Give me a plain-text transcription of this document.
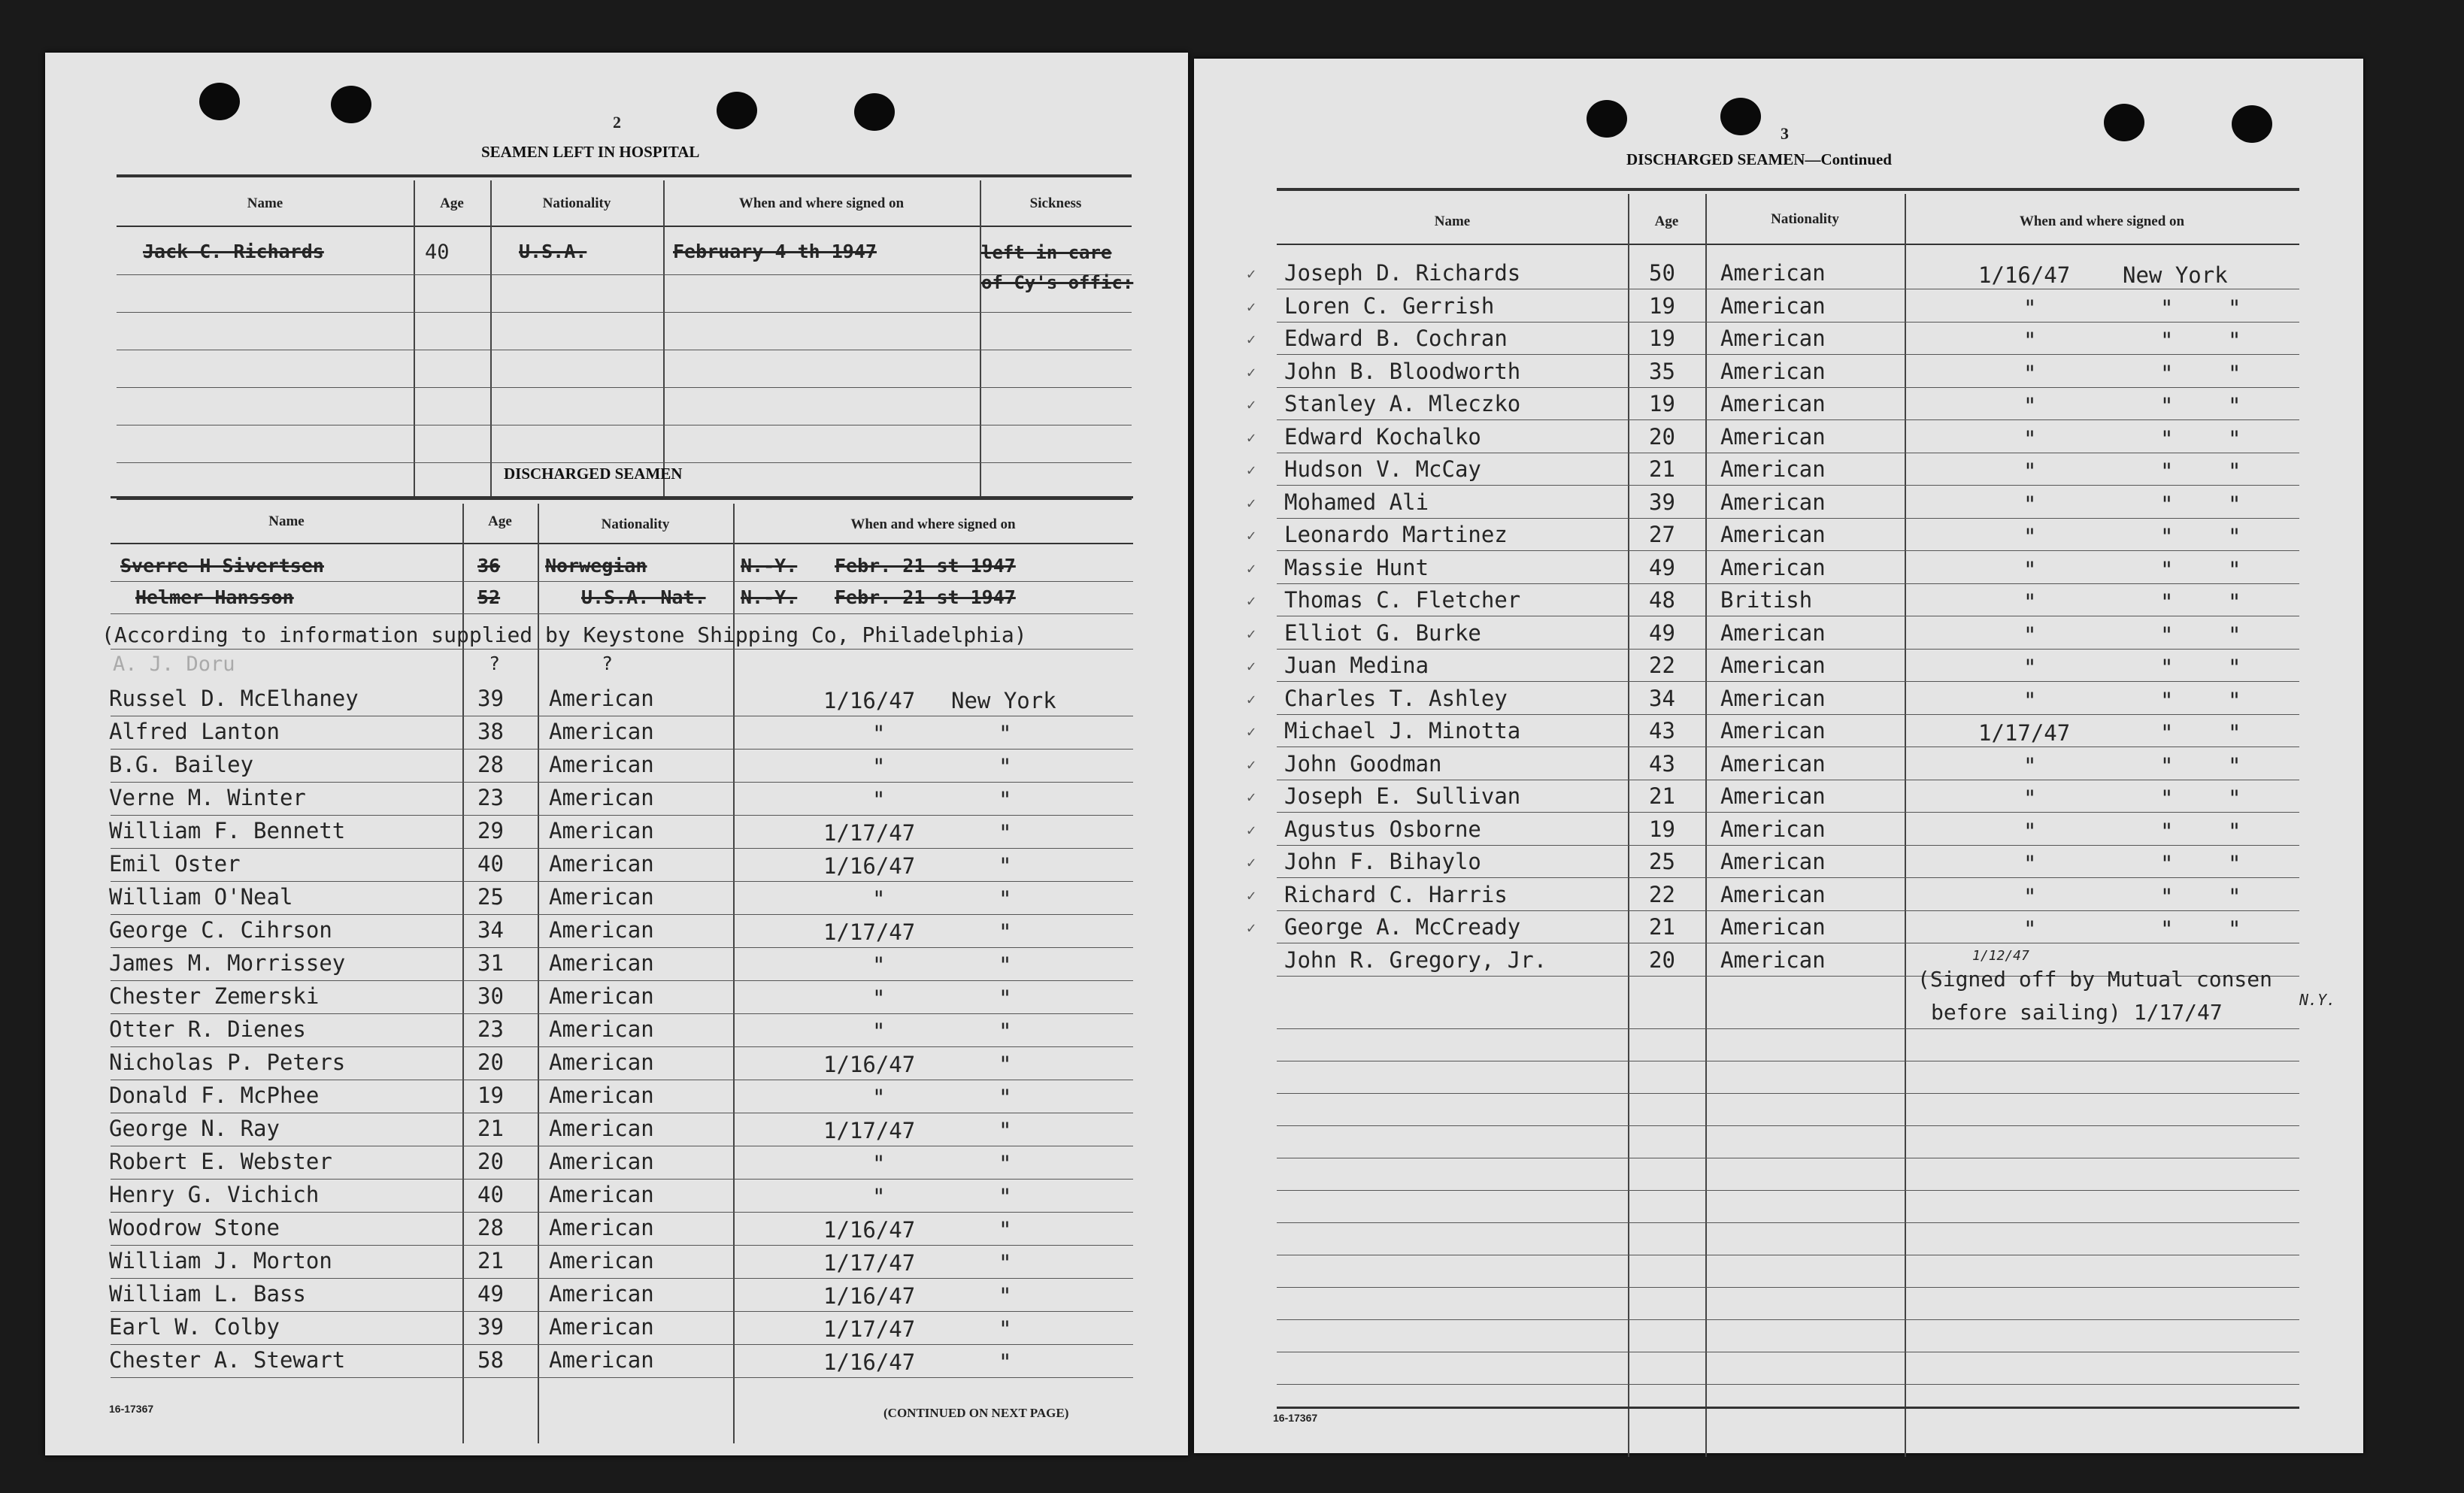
2
SEAMEN LEFT IN HOSPITAL
Name	Age	Nationality	When and where signed on	Sickness
Jack C. Richards	40	U.S.A.	February 4 th 1947	left in care
of Cy's offic:
DISCHARGED SEAMEN
Name	Age	Nationality	When and where signed on
Sverre H Sivertsen	36 Norwegian	N.-Y. Febr. 21 st 1947
Helmer Hansson	52	U.S.A. Nat. N.-Y. Febr. 21 st 1947
(According to information supplied by Keystone Shipping Co, Philadelphia)
A. J. Doru	?	?
Russel D. McElhaney	39 American	1/16/47 New York
Alfred Lanton	38 American	"	"
B.G. Bailey	28 American	"	"
Verne M. Winter	23 American	"	"
William F. Bennett	29 American	1/17/47	"
Emil Oster	40 American	1/16/47	"
William O'Neal	25 American	"	"
George C. Cihrson	34 American	1/17/47	"
James M. Morrissey	31 American	"	"
Chester Zemerski	30 American	"	"
Otter R. Dienes	23 American	"	"
Nicholas P. Peters	20 American	1/16/47	"
Donald F. McPhee	19 American	"	"
George N. Ray	21 American	1/17/47	"
Robert E. Webster	20 American	"	"
Henry G. Vichich	40 American	"	"
Woodrow Stone	28 American	1/16/47	"
William J. Morton	21 American	1/17/47	"
William L. Bass	49 American	1/16/47	"
Earl W. Colby	39 American	1/17/47	"
Chester A. Stewart	58 American	1/16/47	"
16-17367	(CONTINUED ON NEXT PAGE)
3
DISCHARGED SEAMEN—Continued
Name	Age	Nationality	When and where signed on
✓ Joseph D. Richards	50 American	1/16/47 New York
✓ Loren C. Gerrish	19 American	"	"	"
✓ Edward B. Cochran	19 American	"	"	"
✓ John B. Bloodworth	35 American	"	"	"
✓ Stanley A. Mleczko	19 American	"	"	"
✓ Edward Kochalko	20 American	"	"	"
✓ Hudson V. McCay	21 American	"	"	"
✓ Mohamed Ali	39 American	"	"	"
✓ Leonardo Martinez	27 American	"	"	"
✓ Massie Hunt	49 American	"	"	"
✓ Thomas C. Fletcher	48 British	"	"	"
✓ Elliot G. Burke	49 American	"	"	"
✓ Juan Medina	22 American	"	"	"
✓ Charles T. Ashley	34 American	"	"	"
✓ Michael J. Minotta	43 American	1/17/47	"	"
✓ John Goodman	43 American	"	"	"
✓ Joseph E. Sullivan	21 American	"	"	"
✓ Agustus Osborne	19 American	"	"	"
✓ John F. Bihaylo	25 American	"	"	"
✓ Richard C. Harris	22 American	"	"	"
✓ George A. McCready	21 American	"	"	"
John R. Gregory, Jr.	20 American
(Signed off by Mutual consen
before sailing) 1/17/47
1/12/47
N.Y.
16-17367
